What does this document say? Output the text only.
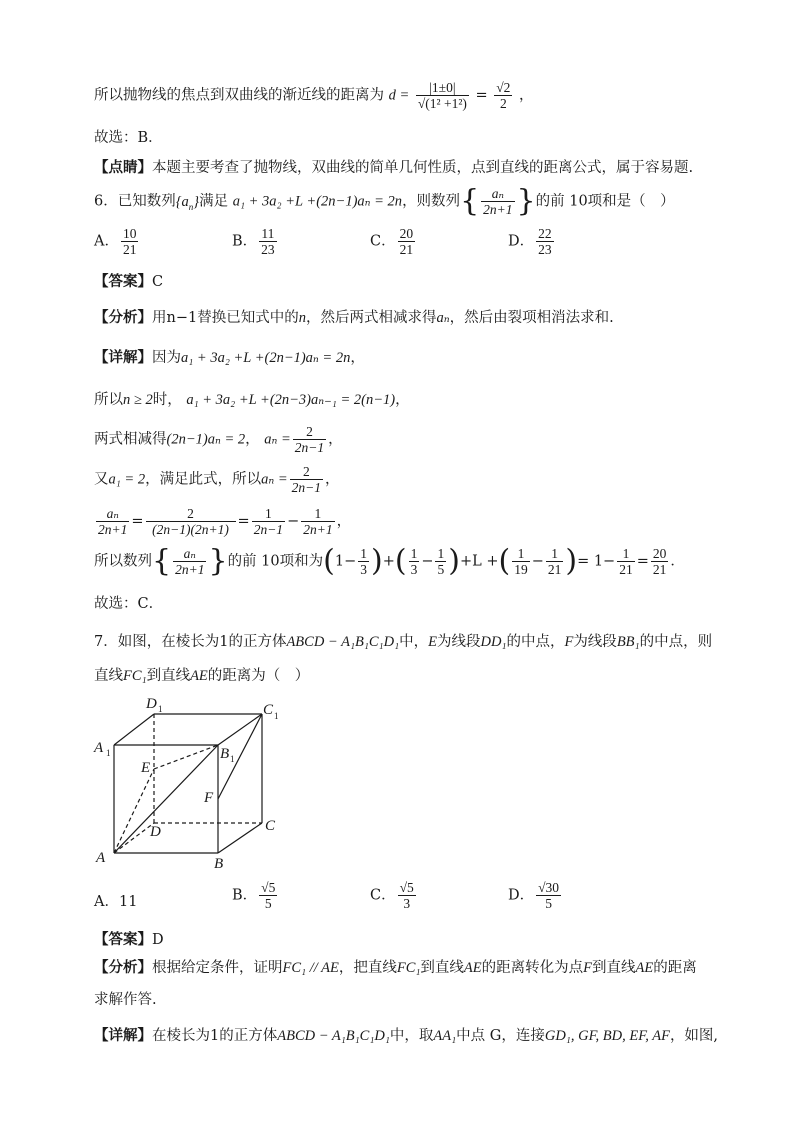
所以抛物线的焦点到双曲线的渐近线的距离为 $d = \frac{|1\pm 0|}{\text{√(1² +1²)}} = \frac{√2}{2}$ ，
故选：B．
【点睛】本题主要考查了抛物线，双曲线的简单几何性质，点到直线的距离公式，属于容易题.
6．已知数列$\{a_n\}$满足 a₁ + 3a₂ +L +(2n−1)aₙ = 2n，则数列{ $\frac{\text{aₙ}}{2n+1}$ }的前 10项和是（　）
A． $\frac{10}{21}$	B． $\frac{11}{23}$	C． $\frac{20}{21}$	D． $\frac{22}{23}$
【答案】C
【分析】用n−1替换已知式中的n，然后两式相减求得aₙ，然后由裂项相消法求和.
【详解】因为a₁ + 3a₂ +L +(2n−1)aₙ = 2n，
所以n ≥ 2时， a₁ + 3a₂ +L +(2n−3)aₙ₋₁ = 2(n−1)，
两式相减得(2n−1)aₙ = 2， $a_n = \frac{2}{2n-1}$ ，
又a₁ = 2，满足此式，所以$a_n = \frac{2}{2n-1}$ ，
$\frac{\text{aₙ}}{2n+1} = \frac{2}{(2n-1)(2n+1)} = \frac{1}{2n-1} - \frac{1}{2n+1}$ ，
所以数列{ $\frac{\text{aₙ}}{2n+1}$ }的前 10项和为($1- \frac{1}{3}$ )+( $\frac{1}{3} - \frac{1}{5} )+L$ +( $\frac{1}{19} - \frac{1}{21}$ )= $1- \frac{1}{21} = \frac{20}{21}$ ．
故选：C．
7．如图，在棱长为1的正方体ABCD − A₁B₁C₁D₁中，E为线段DD₁的中点，F为线段BB₁的中点，则
直线FC₁到直线AE的距离为（　）
A	B
C
D
A 1	B 1
C 1
D 1
E
F
A．11	B． $\frac{√5}{5}$	C． $\frac{√5}{3}$	D． $\frac{√30}{5}$
【答案】D
【分析】根据给定条件，证明FC₁ // AE，把直线FC₁到直线AE的距离转化为点F到直线AE的距离
求解作答.
【详解】在棱长为1的正方体ABCD − A₁B₁C₁D₁中，取AA₁中点 G，连接GD₁, GF, BD, EF, AF，如图,
